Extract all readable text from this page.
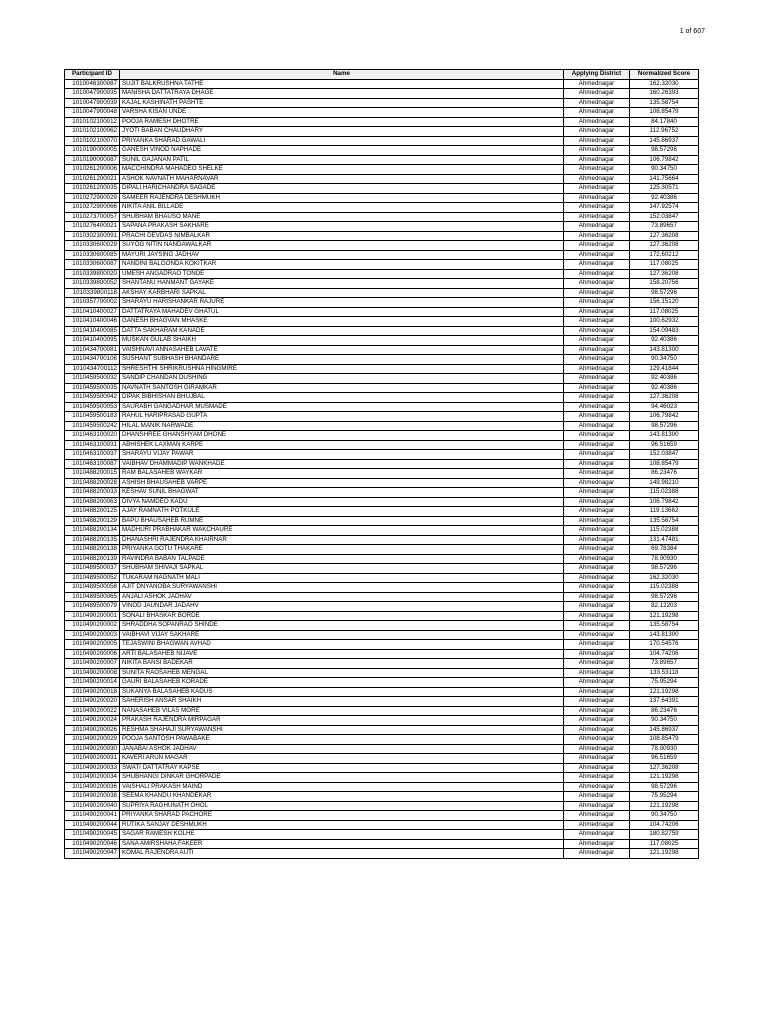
1 of 607
Participant ID	Name	Applying District	Normalized Score
1010046300087	SUJIT BALKRUSHNA TATHE	Ahmednagar	162.32030
1010047900035	MANISHA DATTATRAYA DHAGE	Ahmednagar	160.26393
1010047900039	KAJAL KASHINATH PASHTE	Ahmednagar	135.58754
1010047900048	VARSHA KISAN UNDE	Ahmednagar	108.85479
1010102100012	POOJA RAMESH DHOTRE	Ahmednagar	84.17840
1010102100062	JYOTI BABAN CHAUDHARY	Ahmednagar	112.96752
1010102100070	PRIYANKA SHARAD GAWALI	Ahmednagar	145.86937
1010190000005	GANESH VINOD NAPHADE	Ahmednagar	98.57296
1010190000087	SUNIL GAJANAN PATIL	Ahmednagar	106.79842
1010261200006	MACCHINDRA MAHADEO SHELKE	Ahmednagar	90.34750
1010261200021	ASHOK NAVNATH MAHARNAVAR	Ahmednagar	141.75664
1010261200035	DIPALI HARICHANDRA SAGADE	Ahmednagar	125.30571
1010272900029	SAMEER RAJENDRA DESHMUKH	Ahmednagar	92.40386
1010272900066	NIKITA ANIL BILLADE	Ahmednagar	147.92574
1010273700057	SHUBHAM BHAUSO MANE	Ahmednagar	152.03847
1010276400021	SAPANA PRAKASH SAKHARE	Ahmednagar	73.89657
1010302300091	PRACHI DEVDAS NIMBALKAR	Ahmednagar	127.36208
1010330600029	SUYOG NITIN NANDAWALKAR	Ahmednagar	127.36208
1010330600085	MAYURI JAYSING JADHAV	Ahmednagar	172.60212
1010330600087	NANDINI BALGONDA KOKITKAR	Ahmednagar	117.08025
1010339800020	UMESH ANGADRAO TONDE	Ahmednagar	127.36208
1010339800052	SHANTANU HANMANT GAYAKE	Ahmednagar	158.20756
1010339800118	AKSHAY KARBHARI SAPKAL	Ahmednagar	98.57296
1010357700002	SHARAYU HARISHANKAR RAJURE	Ahmednagar	156.15120
1010410400027	DATTATRAYA MAHADEV GHATUL	Ahmednagar	117.08025
1010410400046	GANESH BHAGVAN MHASKE	Ahmednagar	100.62932
1010410400085	DATTA SAKHARAM KANADE	Ahmednagar	154.09483
1010410400095	MUSKAN GULAB SHAIKH	Ahmednagar	92.40386
1010434700081	VAISHNAVI ANNASAHEB LAVATE	Ahmednagar	143.81300
1010434700106	SUSHANT SUBHASH BHANDARE	Ahmednagar	90.34750
1010434700112	SHRESHTHI SHRIKRUSHNA HINGMIRE	Ahmednagar	129.41844
1010459500032	SANDIP CHANDAN DUSHING	Ahmednagar	92.40386
1010459500035	NAVNATH SANTOSH GIRAMKAR	Ahmednagar	92.40386
1010459500042	DIPAK BIBHISHAN BHUJBAL	Ahmednagar	127.36208
1010459500053	SAURABH GANGADHAR MUSMADE	Ahmednagar	94.46023
1010459500183	RAHUL HARIPRASAD GUPTA	Ahmednagar	106.79842
1010459500242	HILAL MANIK NARWADE	Ahmednagar	98.57296
1010463100020	DHANSHREE GHANSHYAM DHONE	Ahmednagar	143.81300
1010463100031	ABHISHEK LAXMAN KARPE	Ahmednagar	96.51659
1010463100037	SHARAYU VIJAY PAWAR	Ahmednagar	152.03847
1010463100087	VAIBHAV DHAMMADIP WANKHADE	Ahmednagar	108.85479
1010488200015	RAM BALASAHEB WAYKAR	Ahmednagar	86.23476
1010488200028	ASHISH BHAUSAHEB VARPE	Ahmednagar	149.98210
1010488200033	KESHAV SUNIL BHAGWAT	Ahmednagar	115.02388
1010488200063	DIVYA NAMDEO KADU	Ahmednagar	106.79842
1010488200125	AJAY RAMNATH POTKULE	Ahmednagar	119.13662
1010488200129	BAPU BHAUSAHEB RUMNE	Ahmednagar	135.58754
1010488200134	MADHURI PRABHAKAR WAKCHAURE	Ahmednagar	115.02388
1010488200135	DHANASHRI RAJENDRA KHAIRNAR	Ahmednagar	131.47481
1010488200138	PRIYANKA GOTU THAKARE	Ahmednagar	69.78384
1010488200139	RAVINDRA BABAN TALPADE	Ahmednagar	78.00930
1010489500037	SHUBHAM SHIVAJI SAPKAL	Ahmednagar	98.57296
1010489500052	TUKARAM NAGNATH MALI	Ahmednagar	162.32030
1010489500058	AJIT DNYANOBA SURYAWANSHI	Ahmednagar	115.02388
1010489500065	ANJALI ASHOK JADHAV	Ahmednagar	98.57296
1010489500079	VINOD JAUNDAR JADAHV	Ahmednagar	82.12203
1010490200001	SONALI BHASKAR BORDE	Ahmednagar	121.19298
1010490200002	SHRADDHA SOPANRAO SHINDE	Ahmednagar	135.58754
1010490200003	VAIBHAVI VIJAY SAKHARE	Ahmednagar	143.81300
1010490200005	TEJASWINI BHAGWAN AVHAD	Ahmednagar	170.54576
1010490200006	ARTI BALASAHEB NIJAVE	Ahmednagar	104.74206
1010490200007	NIKITA BANSI BADEKAR	Ahmednagar	73.89657
1010490200008	SUNITA RAOSAHEB MENGAL	Ahmednagar	133.53118
1010490200014	GAURI BALASAHEB KORADE	Ahmednagar	75.95294
1010490200018	SUKANYA BALASAHEB KADUS	Ahmednagar	121.19298
1010490200020	SAHERISH ANSAR SHAIKH	Ahmednagar	137.64391
1010490200022	NANASAHEB VILAS MORE	Ahmednagar	86.23476
1010490200024	PRAKASH RAJENDRA MIRPAGAR	Ahmednagar	90.34750
1010490200026	RESHMA SHAHAJI SURYAWANSHI	Ahmednagar	145.86937
1010490200029	POOJA SANTOSH PAWABAKE	Ahmednagar	108.85479
1010490200030	JANABAI ASHOK JADHAV	Ahmednagar	78.00930
1010490200031	KAVERI ARUN MAGAR	Ahmednagar	96.51659
1010490200033	SWATI DATTATRAY KAPSE	Ahmednagar	127.36208
1010490200034	SHUBHANGI DINKAR GHORPADE	Ahmednagar	121.19298
1010490200036	VAISHALI PRAKASH MAIND	Ahmednagar	98.57296
1010490200038	SEEMA KHANDU KHANDEKAR	Ahmednagar	75.95294
1010490200040	SUPRIYA RAGHUNATH OHOL	Ahmednagar	121.19298
1010490200041	PRIYANKA SHARAD PACHORE	Ahmednagar	90.34750
1010490200044	RUTIKA SANJAY DESHMUKH	Ahmednagar	104.74206
1010490200045	SAGAR RAMESH KOLHE	Ahmednagar	180.82759
1010490200046	SANA AMIRSHAHA FAKEER	Ahmednagar	117.08025
1010490200047	KOMAL RAJENDRA AUTI	Ahmednagar	121.19298
